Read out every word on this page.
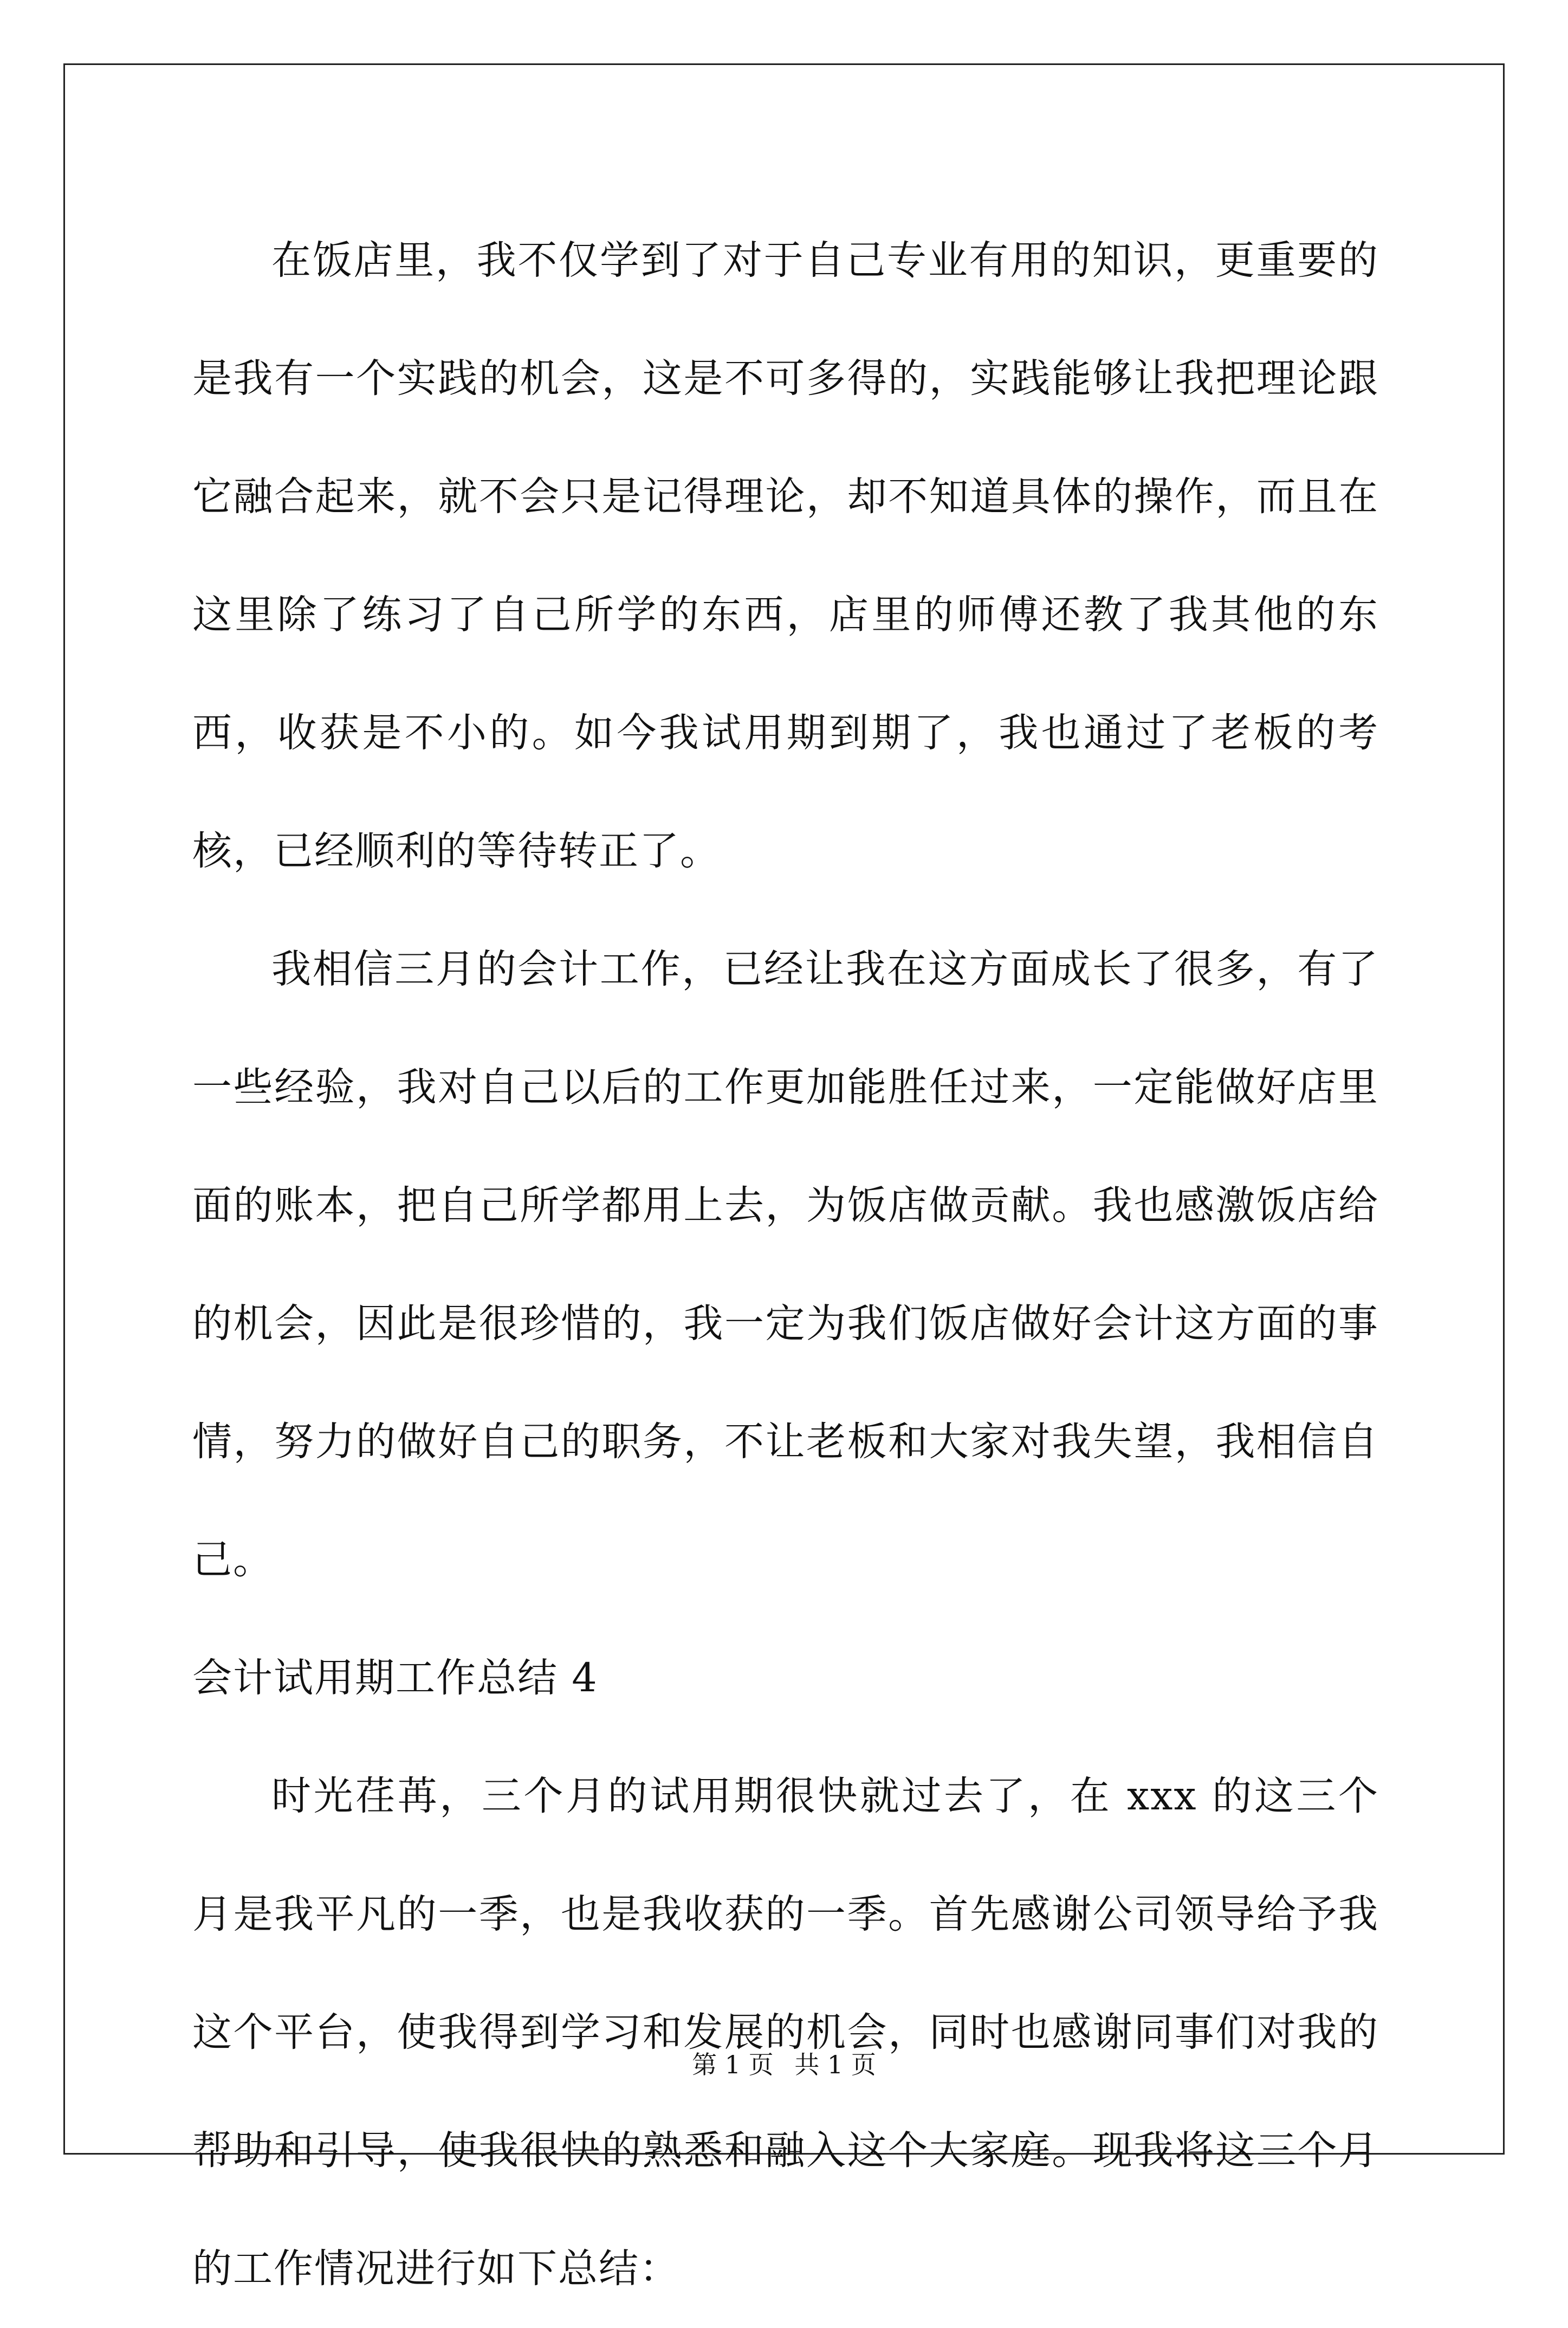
在饭店里，我不仅学到了对于自己专业有用的知识，更重要的是我有一个实践的机会，这是不可多得的，实践能够让我把理论跟它融合起来，就不会只是记得理论，却不知道具体的操作，而且在这里除了练习了自己所学的东西，店里的师傅还教了我其他的东西，收获是不小的。如今我试用期到期了，我也通过了老板的考核，已经顺利的等待转正了。

我相信三月的会计工作，已经让我在这方面成长了很多，有了一些经验，我对自己以后的工作更加能胜任过来，一定能做好店里面的账本，把自己所学都用上去，为饭店做贡献。我也感激饭店给的机会，因此是很珍惜的，我一定为我们饭店做好会计这方面的事情，努力的做好自己的职务，不让老板和大家对我失望，我相信自己。

会计试用期工作总结 4

时光荏苒，三个月的试用期很快就过去了，在 xxx 的这三个月是我平凡的一季，也是我收获的一季。首先感谢公司领导给予我这个平台，使我得到学习和发展的机会，同时也感谢同事们对我的帮助和引导，使我很快的熟悉和融入这个大家庭。现我将这三个月的工作情况进行如下总结：

第 1 页 共 1 页
